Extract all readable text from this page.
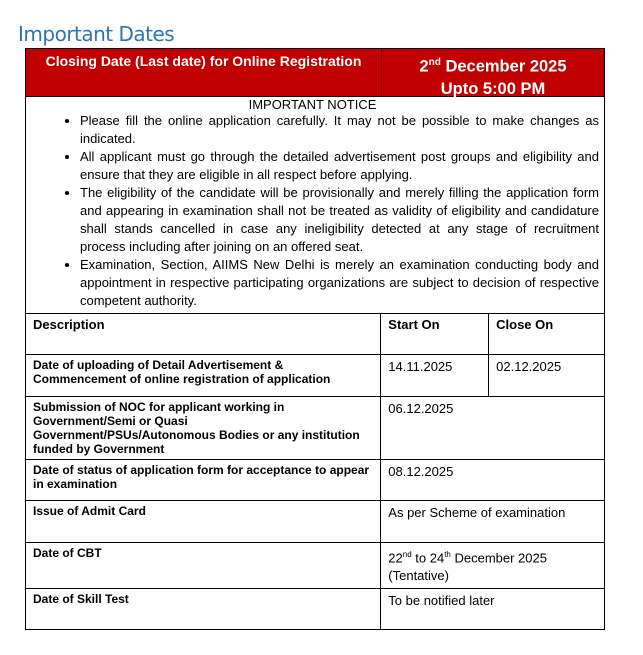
Important Dates
Closing Date (Last date) for Online Registration	2nd December 2025
Upto 5:00 PM
IMPORTANT NOTICE
• Please fill the online application carefully. It may not be possible to make changes as indicated.
• All applicant must go through the detailed advertisement post groups and eligibility and ensure that they are eligible in all respect before applying.
• The eligibility of the candidate will be provisionally and merely filling the application form and appearing in examination shall not be treated as validity of eligibility and candidature shall stands cancelled in case any ineligibility detected at any stage of recruitment process including after joining on an offered seat.
• Examination, Section, AIIMS New Delhi is merely an examination conducting body and appointment in respective participating organizations are subject to decision of respective competent authority.
Description	Start On	Close On
Date of uploading of Detail Advertisement & Commencement of online registration of application	14.11.2025	02.12.2025
Submission of NOC for applicant working in Government/Semi or Quasi Government/PSUs/Autonomous Bodies or any institution funded by Government	06.12.2025	
Date of status of application form for acceptance to appear in examination	08.12.2025	
Issue of Admit Card	As per Scheme of examination	
Date of CBT	22nd to 24th December 2025
(Tentative)	
Date of Skill Test	To be notified later	
